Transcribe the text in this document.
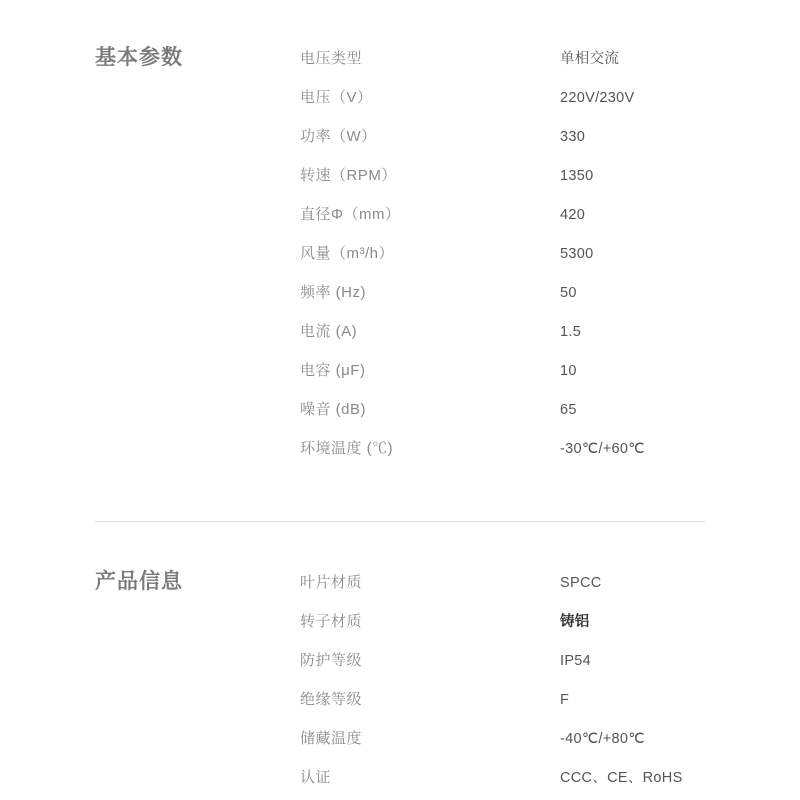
基本参数	电压类型	单相交流
电压（V）	220V/230V
功率（W）	330
转速（RPM）	1350
直径Φ（mm）	420
风量（m³/h）	5300
频率 (Hz)	50
电流 (A)	1.5
电容 (μF)	10
噪音 (dB)	65
环境温度 (℃)	-30℃/+60℃
产品信息	叶片材质	SPCC
转子材质	铸铝
防护等级	IP54
绝缘等级	F
储藏温度	-40℃/+80℃
认证	CCC、CE、RoHS
